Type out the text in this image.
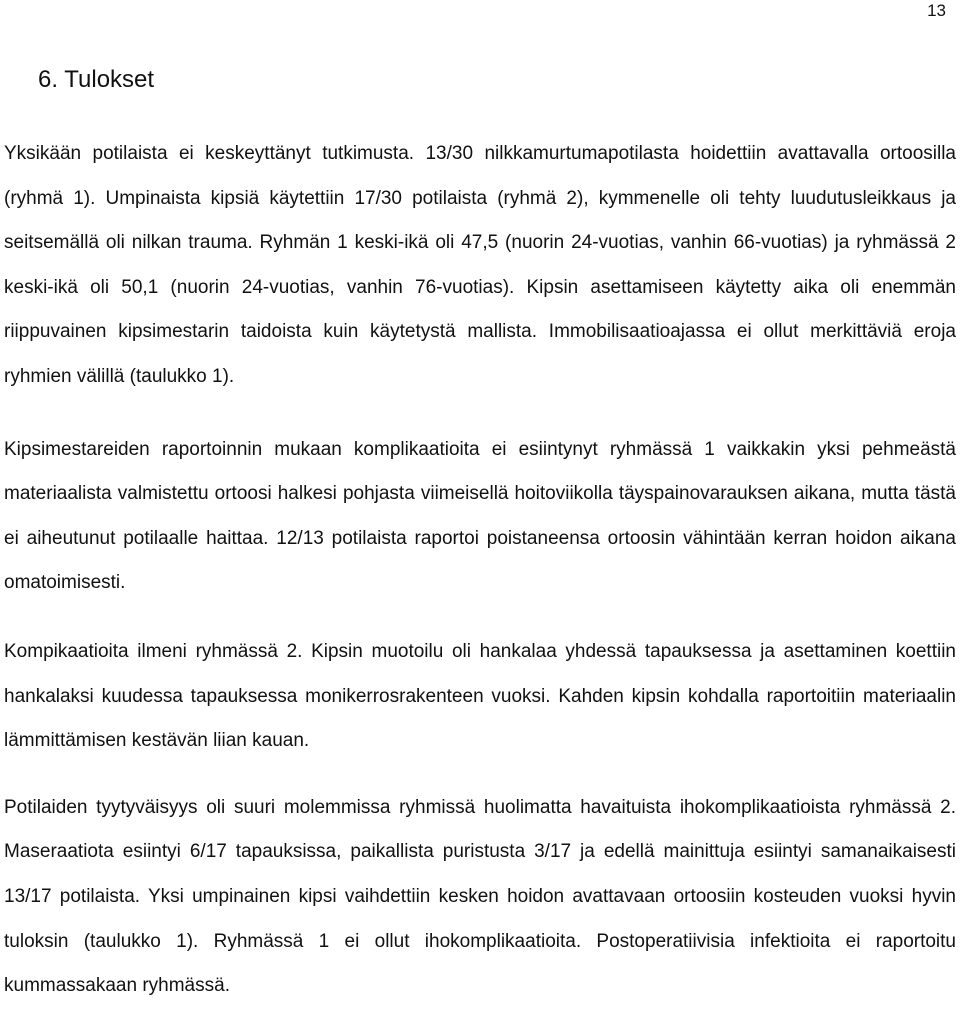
13
6. Tulokset

Yksikään potilaista ei keskeyttänyt tutkimusta. 13/30 nilkkamurtumapotilasta hoidettiin avattavalla ortoosilla (ryhmä 1). Umpinaista kipsiä käytettiin 17/30 potilaista (ryhmä 2), kymmenelle oli tehty luudutusleikkaus ja seitsemällä oli nilkan trauma. Ryhmän 1 keski-ikä oli 47,5 (nuorin 24-vuotias, vanhin 66-vuotias) ja ryhmässä 2 keski-ikä oli 50,1 (nuorin 24-vuotias, vanhin 76-vuotias). Kipsin asettamiseen käytetty aika oli enemmän riippuvainen kipsimestarin taidoista kuin käytetystä mallista. Immobilisaatioajassa ei ollut merkittäviä eroja ryhmien välillä (taulukko 1).

Kipsimestareiden raportoinnin mukaan komplikaatioita ei esiintynyt ryhmässä 1 vaikkakin yksi pehmeästä materiaalista valmistettu ortoosi halkesi pohjasta viimeisellä hoitoviikolla täyspainovarauksen aikana, mutta tästä ei aiheutunut potilaalle haittaa. 12/13 potilaista raportoi poistaneensa ortoosin vähintään kerran hoidon aikana omatoimisesti.

Kompikaatioita ilmeni ryhmässä 2. Kipsin muotoilu oli hankalaa yhdessä tapauksessa ja asettaminen koettiin hankalaksi kuudessa tapauksessa monikerrosrakenteen vuoksi. Kahden kipsin kohdalla raportoitiin materiaalin lämmittämisen kestävän liian kauan.

Potilaiden tyytyväisyys oli suuri molemmissa ryhmissä huolimatta havaituista ihokomplikaatioista ryhmässä 2. Maseraatiota esiintyi 6/17 tapauksissa, paikallista puristusta 3/17 ja edellä mainittuja esiintyi samanaikaisesti 13/17 potilaista. Yksi umpinainen kipsi vaihdettiin kesken hoidon avattavaan ortoosiin kosteuden vuoksi hyvin tuloksin (taulukko 1). Ryhmässä 1 ei ollut ihokomplikaatioita. Postoperatiivisia infektioita ei raportoitu kummassakaan ryhmässä.
